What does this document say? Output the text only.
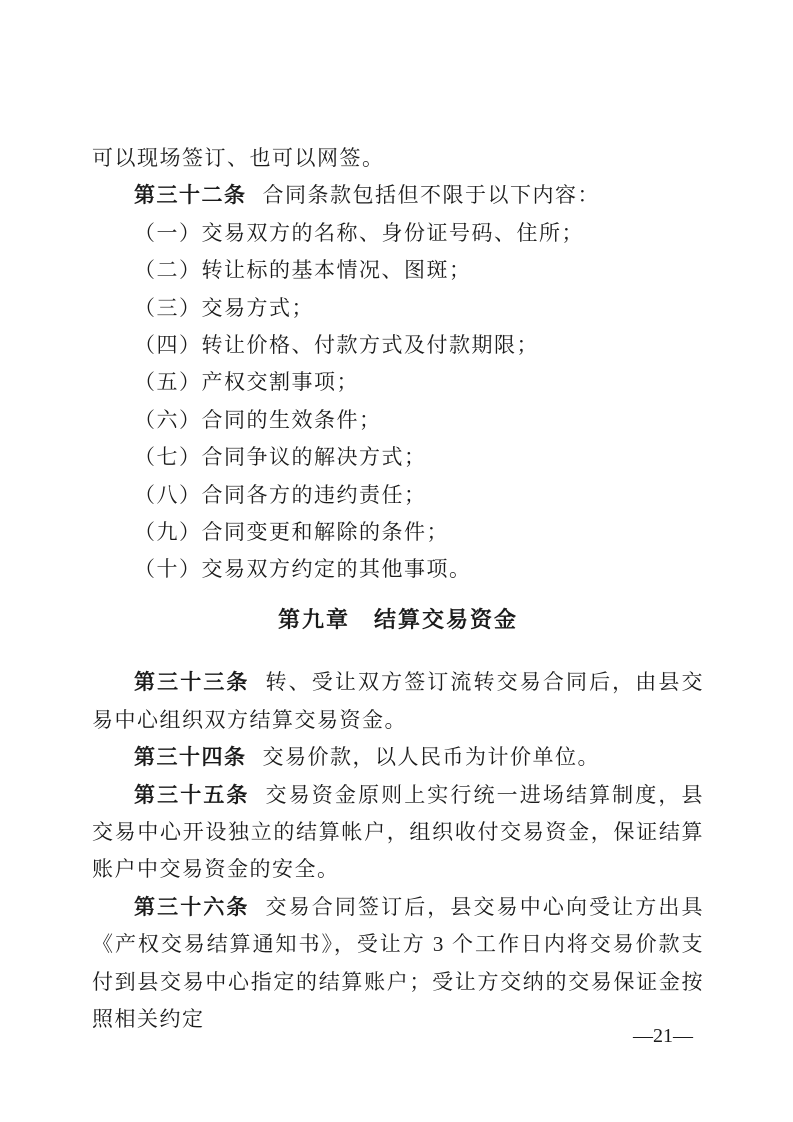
可以现场签订、也可以网签。

第三十二条 合同条款包括但不限于以下内容：

（一）交易双方的名称、身份证号码、住所；
（二）转让标的基本情况、图斑；
（三）交易方式；
（四）转让价格、付款方式及付款期限；
（五）产权交割事项；
（六）合同的生效条件；
（七）合同争议的解决方式；
（八）合同各方的违约责任；
（九）合同变更和解除的条件；
（十）交易双方约定的其他事项。

第九章　结算交易资金

第三十三条 转、受让双方签订流转交易合同后，由县交易中心组织双方结算交易资金。

第三十四条 交易价款，以人民币为计价单位。

第三十五条 交易资金原则上实行统一进场结算制度，县交易中心开设独立的结算帐户，组织收付交易资金，保证结算账户中交易资金的安全。

第三十六条 交易合同签订后，县交易中心向受让方出具《产权交易结算通知书》，受让方 3 个工作日内将交易价款支付到县交易中心指定的结算账户；受让方交纳的交易保证金按照相关约定

—21—
